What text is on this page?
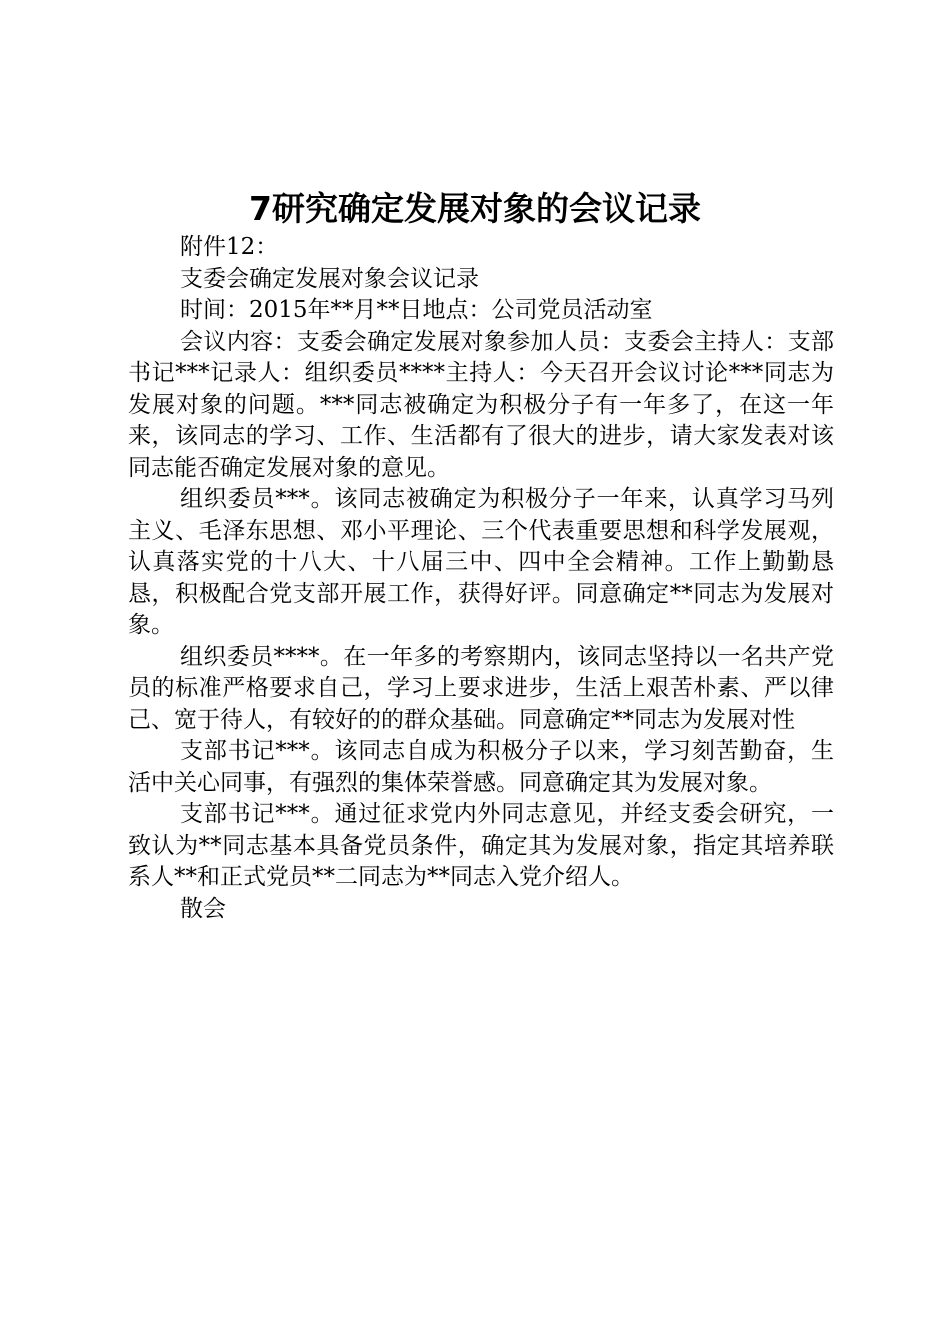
7研究确定发展对象的会议记录

附件12：

支委会确定发展对象会议记录

时间：2015年**月**日地点：公司党员活动室

会议内容：支委会确定发展对象参加人员：支委会主持人：支部书记***记录人：组织委员****主持人：今天召开会议讨论***同志为发展对象的问题。***同志被确定为积极分子有一年多了，在这一年来，该同志的学习、工作、生活都有了很大的进步，请大家发表对该同志能否确定发展对象的意见。

组织委员***。该同志被确定为积极分子一年来，认真学习马列主义、毛泽东思想、邓小平理论、三个代表重要思想和科学发展观，认真落实党的十八大、十八届三中、四中全会精神。工作上勤勤恳恳，积极配合党支部开展工作，获得好评。同意确定**同志为发展对象。

组织委员****。在一年多的考察期内，该同志坚持以一名共产党员的标准严格要求自己，学习上要求进步，生活上艰苦朴素、严以律己、宽于待人，有较好的的群众基础。同意确定**同志为发展对性

支部书记***。该同志自成为积极分子以来，学习刻苦勤奋，生活中关心同事，有强烈的集体荣誉感。同意确定其为发展对象。

支部书记***。通过征求党内外同志意见，并经支委会研究，一致认为**同志基本具备党员条件，确定其为发展对象，指定其培养联系人**和正式党员**二同志为**同志入党介绍人。

散会
